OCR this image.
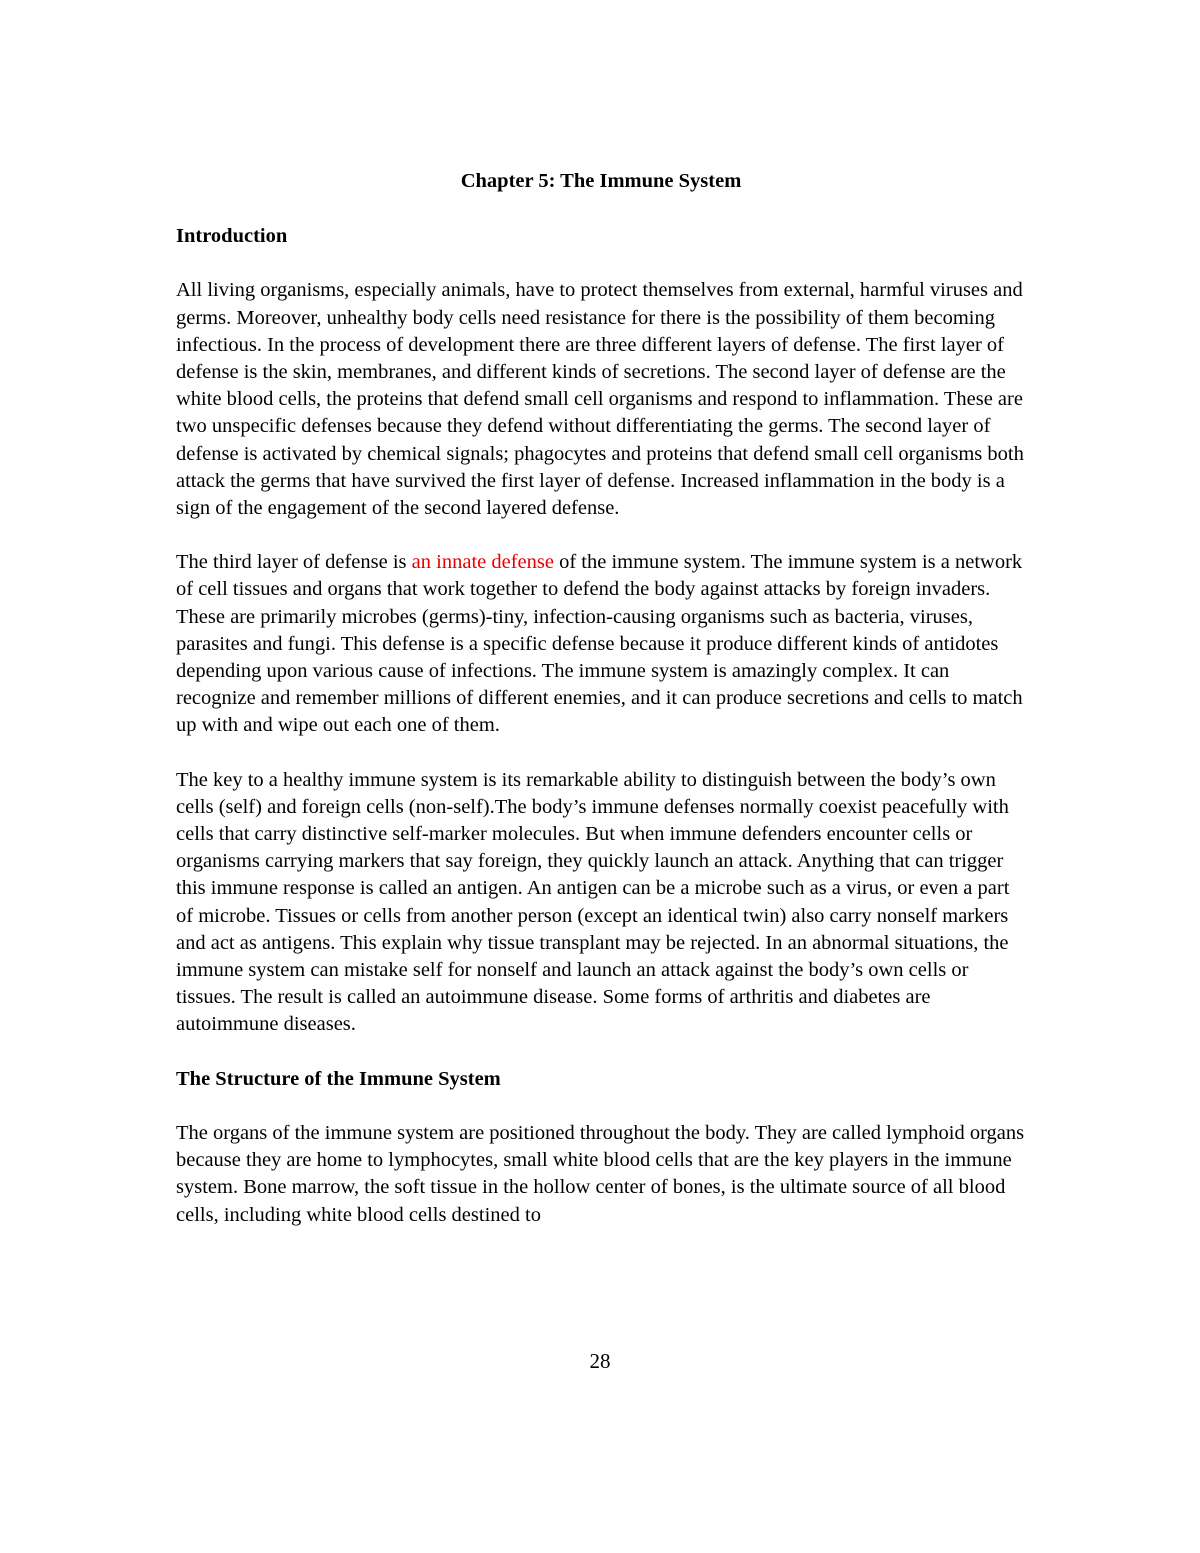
Chapter 5: The Immune System
Introduction

All living organisms, especially animals, have to protect themselves from external, harmful viruses and germs. Moreover, unhealthy body cells need resistance for there is the possibility of them becoming infectious. In the process of development there are three different layers of defense. The first layer of defense is the skin, membranes, and different kinds of secretions. The second layer of defense are the white blood cells, the proteins that defend small cell organisms and respond to inflammation. These are two unspecific defenses because they defend without differentiating the germs. The second layer of defense is activated by chemical signals; phagocytes and proteins that defend small cell organisms both attack the germs that have survived the first layer of defense. Increased inflammation in the body is a sign of the engagement of the second layered defense.

The third layer of defense is an innate defense of the immune system. The immune system is a network of cell tissues and organs that work together to defend the body against attacks by foreign invaders. These are primarily microbes (germs)-tiny, infection-causing organisms such as bacteria, viruses, parasites and fungi. This defense is a specific defense because it produce different kinds of antidotes depending upon various cause of infections. The immune system is amazingly complex. It can recognize and remember millions of different enemies, and it can produce secretions and cells to match up with and wipe out each one of them.

The key to a healthy immune system is its remarkable ability to distinguish between the body’s own cells (self) and foreign cells (non-self).The body’s immune defenses normally coexist peacefully with cells that carry distinctive self-marker molecules. But when immune defenders encounter cells or organisms carrying markers that say foreign, they quickly launch an attack. Anything that can trigger this immune response is called an antigen. An antigen can be a microbe such as a virus, or even a part of microbe. Tissues or cells from another person (except an identical twin) also carry nonself markers and act as antigens. This explain why tissue transplant may be rejected. In an abnormal situations, the immune system can mistake self for nonself and launch an attack against the body’s own cells or tissues. The result is called an autoimmune disease. Some forms of arthritis and diabetes are autoimmune diseases.

The Structure of the Immune System

The organs of the immune system are positioned throughout the body. They are called lymphoid organs because they are home to lymphocytes, small white blood cells that are the key players in the immune system. Bone marrow, the soft tissue in the hollow center of bones, is the ultimate source of all blood cells, including white blood cells destined to

28
